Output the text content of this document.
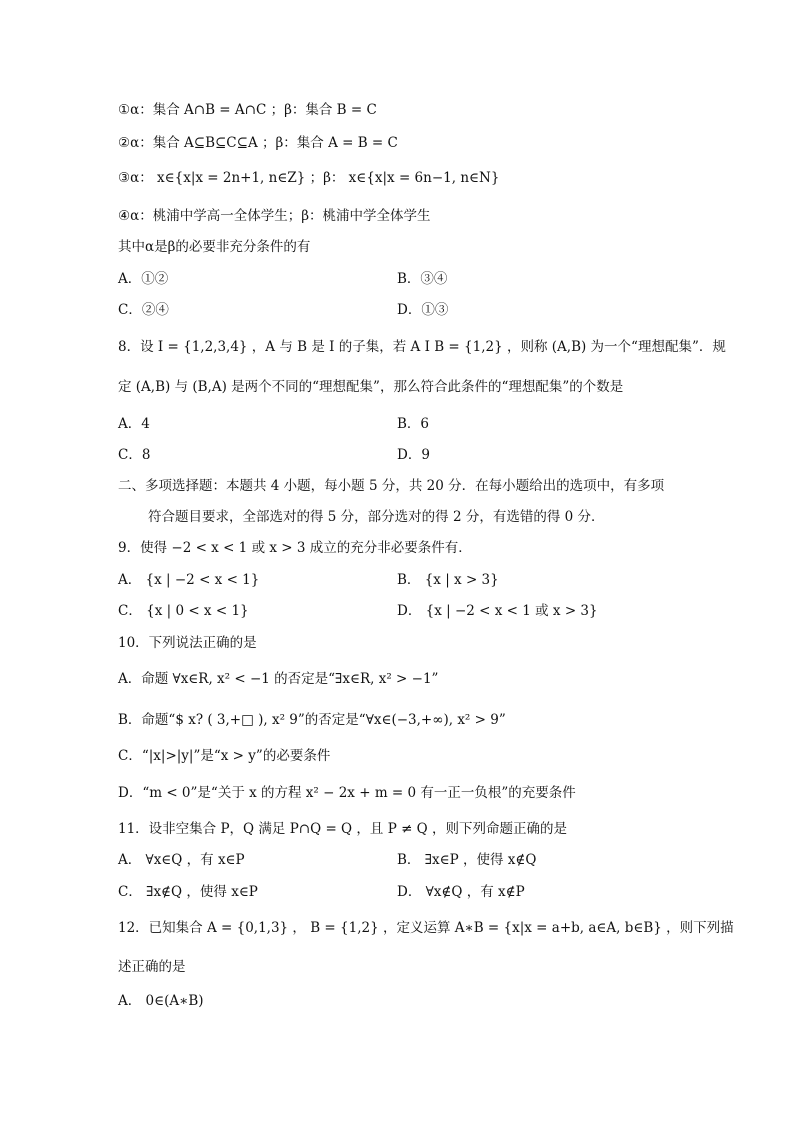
①α：集合 A∩B = A∩C ；β：集合 B = C
②α：集合 A⊆B⊆C⊆A ；β：集合 A = B = C
③α： x∈{x|x = 2n+1, n∈Z} ；β： x∈{x|x = 6n−1, n∈N}
④α：桃浦中学高一全体学生；β：桃浦中学全体学生
其中α是β的必要非充分条件的有
A．①②	B．③④
C．②④	D．①③
8．设 I = {1,2,3,4} ，A 与 B 是 I 的子集，若 A I B = {1,2} ，则称 (A,B) 为一个“理想配集”．规
定 (A,B) 与 (B,A) 是两个不同的“理想配集”，那么符合此条件的“理想配集”的个数是
A．4	B．6
C．8	D．9
二、多项选择题：本题共 4 小题，每小题 5 分，共 20 分．在每小题给出的选项中，有多项
符合题目要求，全部选对的得 5 分，部分选对的得 2 分，有选错的得 0 分．
9．使得 −2 < x < 1 或 x > 3 成立的充分非必要条件有．
A． {x | −2 < x < 1}	B． {x | x > 3}
C． {x | 0 < x < 1}	D． {x | −2 < x < 1 或 x > 3}
10．下列说法正确的是
A．命题 ∀x∈R, x² < −1 的否定是“∃x∈R, x² > −1”
B．命题“$ x? ( 3,+□ ), x² 9”的否定是“∀x∈(−3,+∞), x² > 9”
C．“|x|>|y|”是“x > y”的必要条件
D．“m < 0”是“关于 x 的方程 x² − 2x + m = 0 有一正一负根”的充要条件
11．设非空集合 P，Q 满足 P∩Q = Q ，且 P ≠ Q ，则下列命题正确的是
A． ∀x∈Q ，有 x∈P	B． ∃x∈P ，使得 x∉Q
C． ∃x∉Q ，使得 x∈P	D． ∀x∉Q ，有 x∉P
12．已知集合 A = {0,1,3} ， B = {1,2} ，定义运算 A∗B = {x|x = a+b, a∈A, b∈B} ，则下列描
述正确的是
A． 0∈(A∗B)
